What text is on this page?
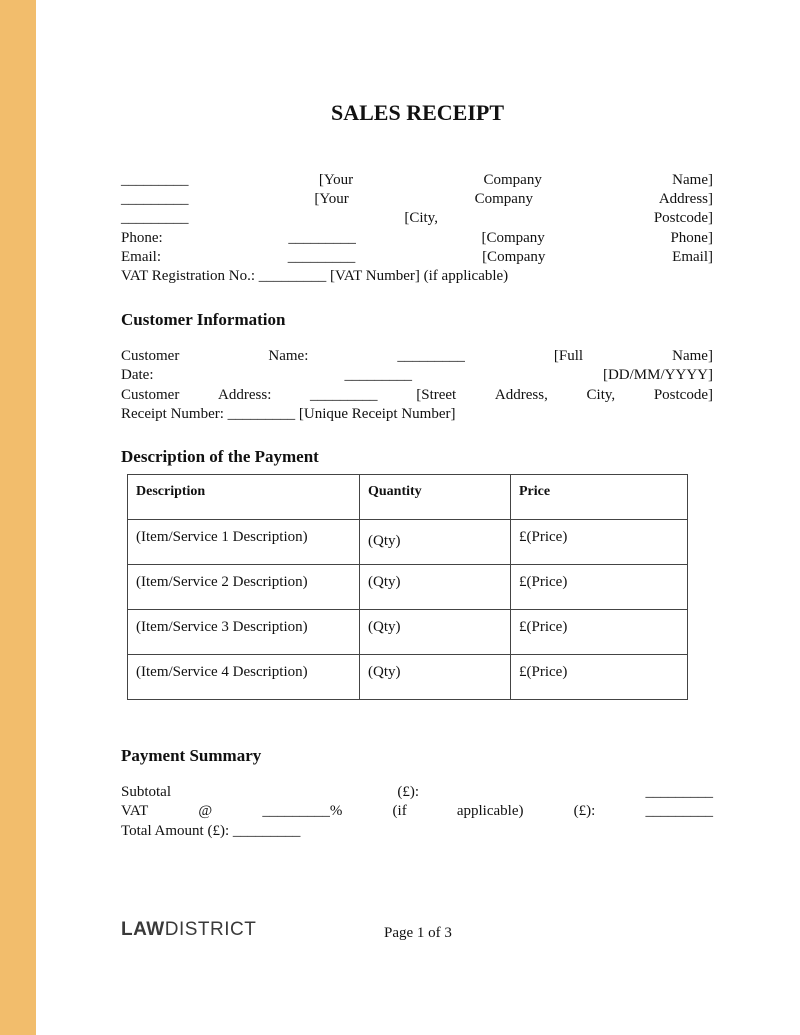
SALES RECEIPT
_________	[Your	Company	Name]
_________	[Your	Company	Address]
_________	[City,	Postcode]
Phone:	_________	[Company	Phone]
Email:	_________	[Company	Email]
VAT Registration No.: _________ [VAT Number] (if applicable)
Customer Information
Customer	Name:	_________	[Full	Name]
Date:	_________	[DD/MM/YYYY]
Customer	Address:	_________	[Street	Address,	City,	Postcode]
Receipt Number: _________ [Unique Receipt Number]
Description of the Payment
Description	Quantity	Price
(Item/Service 1 Description)	(Qty)	£(Price)
(Item/Service 2 Description)	(Qty)	£(Price)
(Item/Service 3 Description)	(Qty)	£(Price)
(Item/Service 4 Description)	(Qty)	£(Price)
Payment Summary
Subtotal	(£):	_________
VAT	@	_________%	(if	applicable)	(£):	_________
Total Amount (£): _________
LAWDISTRICT	Page 1 of 3
